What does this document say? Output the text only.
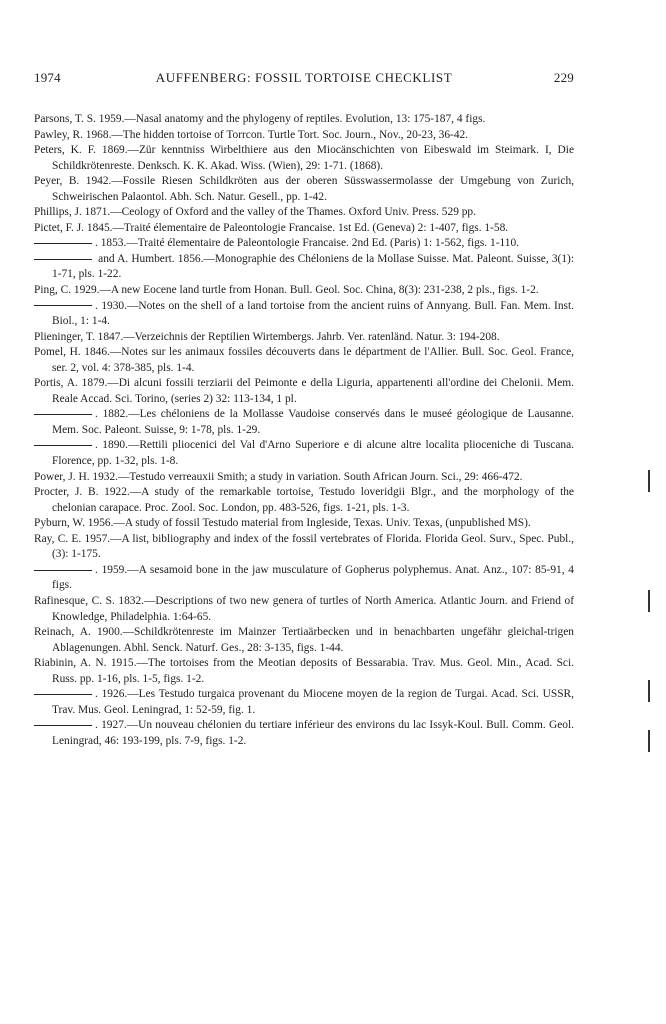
1974	AUFFENBERG: FOSSIL TORTOISE CHECKLIST	229

Parsons, T. S. 1959.—Nasal anatomy and the phylogeny of reptiles. Evolution, 13: 175-187, 4 figs.

Pawley, R. 1968.—The hidden tortoise of Torrcon. Turtle Tort. Soc. Journ., Nov., 20-23, 36-42.

Peters, K. F. 1869.—Zür kenntniss Wirbelthiere aus den Miocänschichten von Eibeswald im Steimark. I, Die Schildkrötenreste. Denksch. K. K. Akad. Wiss. (Wien), 29: 1-71. (1868).

Peyer, B. 1942.—Fossile Riesen Schildkröten aus der oberen Süsswassermolasse der Umgebung von Zurich, Schweirischen Palaontol. Abh. Sch. Natur. Gesell., pp. 1-42.

Phillips, J. 1871.—Ceology of Oxford and the valley of the Thames. Oxford Univ. Press. 529 pp.

Pictet, F. J. 1845.—Traité élementaire de Paleontologie Francaise. 1st Ed. (Geneva) 2: 1-407, figs. 1-58.

. 1853.—Traité élementaire de Paleontologie Francaise. 2nd Ed. (Paris) 1: 1-562, figs. 1-110.

and A. Humbert. 1856.—Monographie des Chéloniens de la Mollase Suisse. Mat. Paleont. Suisse, 3(1): 1-71, pls. 1-22.

Ping, C. 1929.—A new Eocene land turtle from Honan. Bull. Geol. Soc. China, 8(3): 231-238, 2 pls., figs. 1-2.

. 1930.—Notes on the shell of a land tortoise from the ancient ruins of Annyang. Bull. Fan. Mem. Inst. Biol., 1: 1-4.

Plieninger, T. 1847.—Verzeichnis der Reptilien Wirtembergs. Jahrb. Ver. ratenländ. Natur. 3: 194-208.

Pomel, H. 1846.—Notes sur les animaux fossiles découverts dans le départment de l'Allier. Bull. Soc. Geol. France, ser. 2, vol. 4: 378-385, pls. 1-4.

Portis, A. 1879.—Di alcuni fossili terziarii del Peimonte e della Liguria, appartenenti all'ordine dei Chelonii. Mem. Reale Accad. Sci. Torino, (series 2) 32: 113-134, 1 pl.

. 1882.—Les chéloniens de la Mollasse Vaudoise conservés dans le museé géologique de Lausanne. Mem. Soc. Paleont. Suisse, 9: 1-78, pls. 1-29.

. 1890.—Rettili pliocenici del Val d'Arno Superiore e di alcune altre localita plioceniche di Tuscana. Florence, pp. 1-32, pls. 1-8.

Power, J. H. 1932.—Testudo verreauxii Smith; a study in variation. South African Journ. Sci., 29: 466-472.

Procter, J. B. 1922.—A study of the remarkable tortoise, Testudo loveridgii Blgr., and the morphology of the chelonian carapace. Proc. Zool. Soc. London, pp. 483-526, figs. 1-21, pls. 1-3.

Pyburn, W. 1956.—A study of fossil Testudo material from Ingleside, Texas. Univ. Texas, (unpublished MS).

Ray, C. E. 1957.—A list, bibliography and index of the fossil vertebrates of Florida. Florida Geol. Surv., Spec. Publ., (3): 1-175.

. 1959.—A sesamoid bone in the jaw musculature of Gopherus polyphemus. Anat. Anz., 107: 85-91, 4 figs.

Rafinesque, C. S. 1832.—Descriptions of two new genera of turtles of North America. Atlantic Journ. and Friend of Knowledge, Philadelphia. 1:64-65.

Reinach, A. 1900.—Schildkrötenreste im Mainzer Tertiaärbecken und in benachbarten ungefähr gleichal-trigen Ablagenungen. Abhl. Senck. Naturf. Ges., 28: 3-135, figs. 1-44.

Riabinin, A. N. 1915.—The tortoises from the Meotian deposits of Bessarabia. Trav. Mus. Geol. Min., Acad. Sci. Russ. pp. 1-16, pls. 1-5, figs. 1-2.

. 1926.—Les Testudo turgaica provenant du Miocene moyen de la region de Turgai. Acad. Sci. USSR, Trav. Mus. Geol. Leningrad, 1: 52-59, fig. 1.

. 1927.—Un nouveau chélonien du tertiare inférieur des environs du lac Issyk-Koul. Bull. Comm. Geol. Leningrad, 46: 193-199, pls. 7-9, figs. 1-2.
